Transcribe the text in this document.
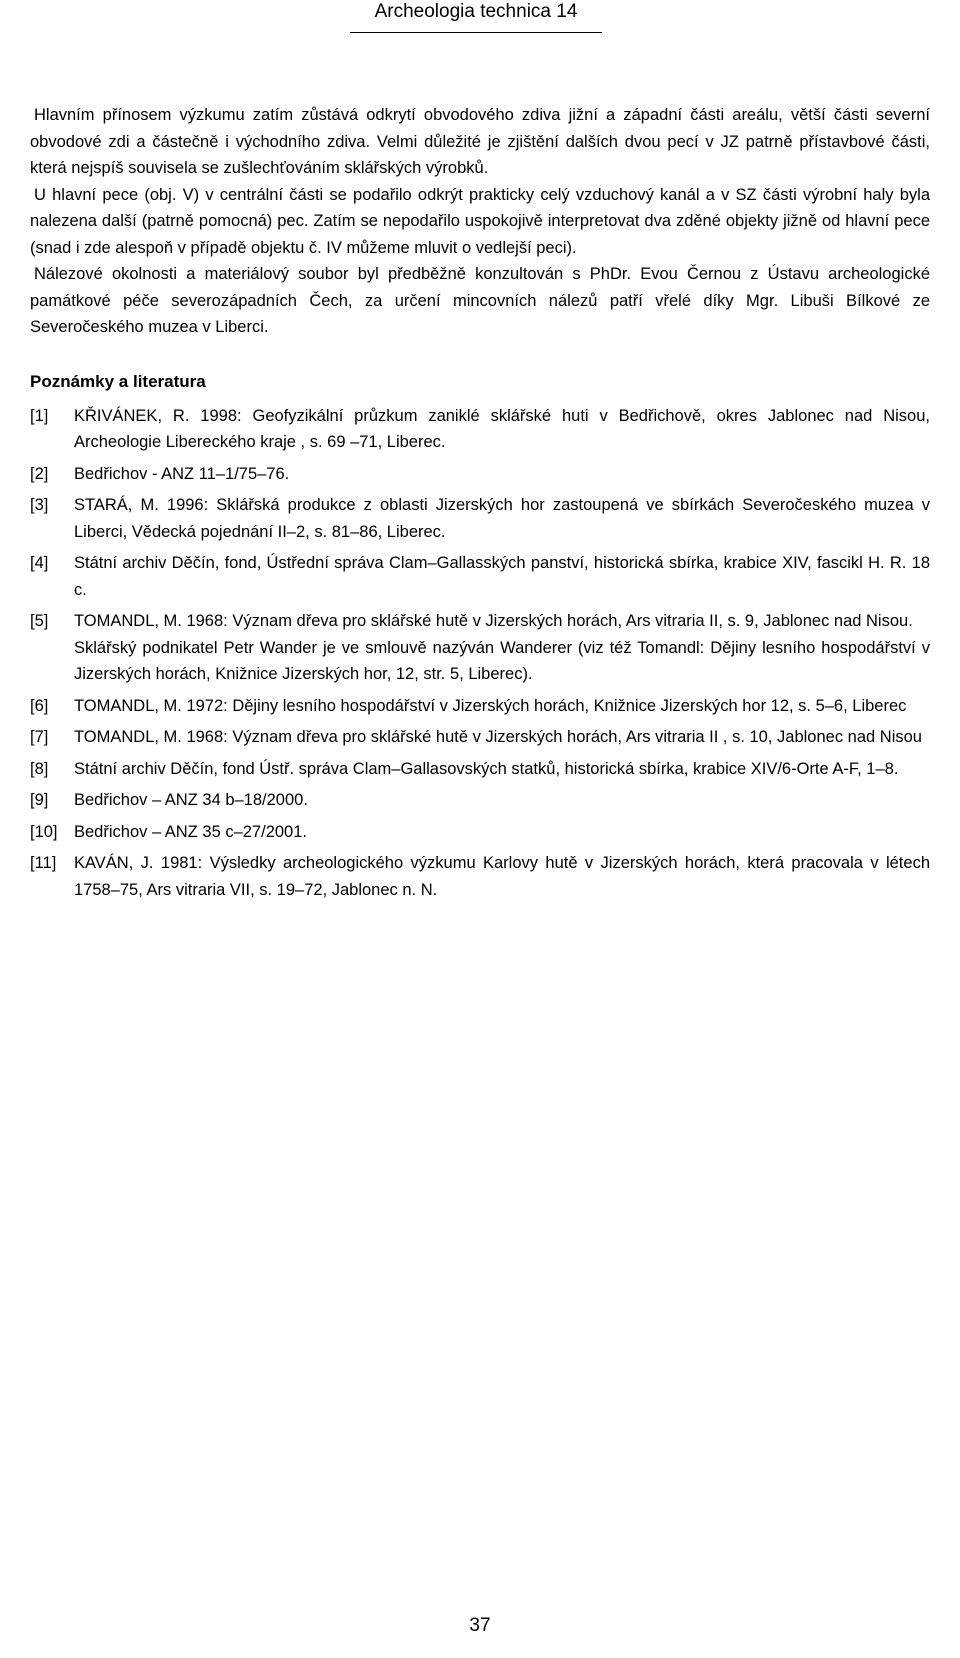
Archeologia technica 14

Hlavním přínosem výzkumu zatím zůstává odkrytí obvodového zdiva jižní a západní části areálu, větší části severní obvodové zdi a částečně i východního zdiva. Velmi důležité je zjištění dalších dvou pecí v JZ patrně přístavbové části, která nejspíš souvisela se zušlechťováním sklářských výrobků.

U hlavní pece (obj. V) v centrální části se podařilo odkrýt prakticky celý vzduchový kanál a v SZ části výrobní haly byla nalezena další (patrně pomocná) pec. Zatím se nepodařilo uspokojivě interpretovat dva zděné objekty jižně od hlavní pece (snad i zde alespoň v případě objektu č. IV můžeme mluvit o vedlejší peci).

Nálezové okolnosti a materiálový soubor byl předběžně konzultován s PhDr. Evou Černou z Ústavu archeologické památkové péče severozápadních Čech, za určení mincovních nálezů patří vřelé díky Mgr. Libuši Bílkové ze Severočeského muzea v Liberci.

Poznámky a literatura
[1]	KŘIVÁNEK, R. 1998: Geofyzikální průzkum zaniklé sklářské huti v Bedřichově, okres Jablonec nad Nisou, Archeologie Libereckého kraje , s. 69 –71, Liberec.
[2]	Bedřichov - ANZ 11–1/75–76.
[3]	STARÁ, M. 1996: Sklářská produkce z oblasti Jizerských hor zastoupená ve sbírkách Severočeského muzea v Liberci, Vědecká pojednání II–2, s. 81–86, Liberec.
[4]	Státní archiv Děčín, fond, Ústřední správa Clam–Gallasských panství, historická sbírka, krabice XIV, fascikl H. R. 18 c.
[5]	TOMANDL, M. 1968: Význam dřeva pro sklářské hutě v Jizerských horách, Ars vitraria II, s. 9, Jablonec nad Nisou.
Sklářský podnikatel Petr Wander je ve smlouvě nazýván Wanderer (viz též Tomandl: Dějiny lesního hospodářství v Jizerských horách, Knižnice Jizerských hor, 12, str. 5, Liberec).
[6]	TOMANDL, M. 1972: Dějiny lesního hospodářství v Jizerských horách, Knižnice Jizerských hor 12, s. 5–6, Liberec
[7]	TOMANDL, M. 1968: Význam dřeva pro sklářské hutě v Jizerských horách, Ars vitraria II , s. 10, Jablonec nad Nisou
[8]	Státní archiv Děčín, fond Ústř. správa Clam–Gallasovských statků, historická sbírka, krabice XIV/6-Orte A-F, 1–8.
[9]	Bedřichov – ANZ 34 b–18/2000.
[10] Bedřichov – ANZ 35 c–27/2001.
[11]	KAVÁN, J. 1981: Výsledky archeologického výzkumu Karlovy hutě v Jizerských horách, která pracovala v létech 1758–75, Ars vitraria VII, s. 19–72, Jablonec n. N.
37
